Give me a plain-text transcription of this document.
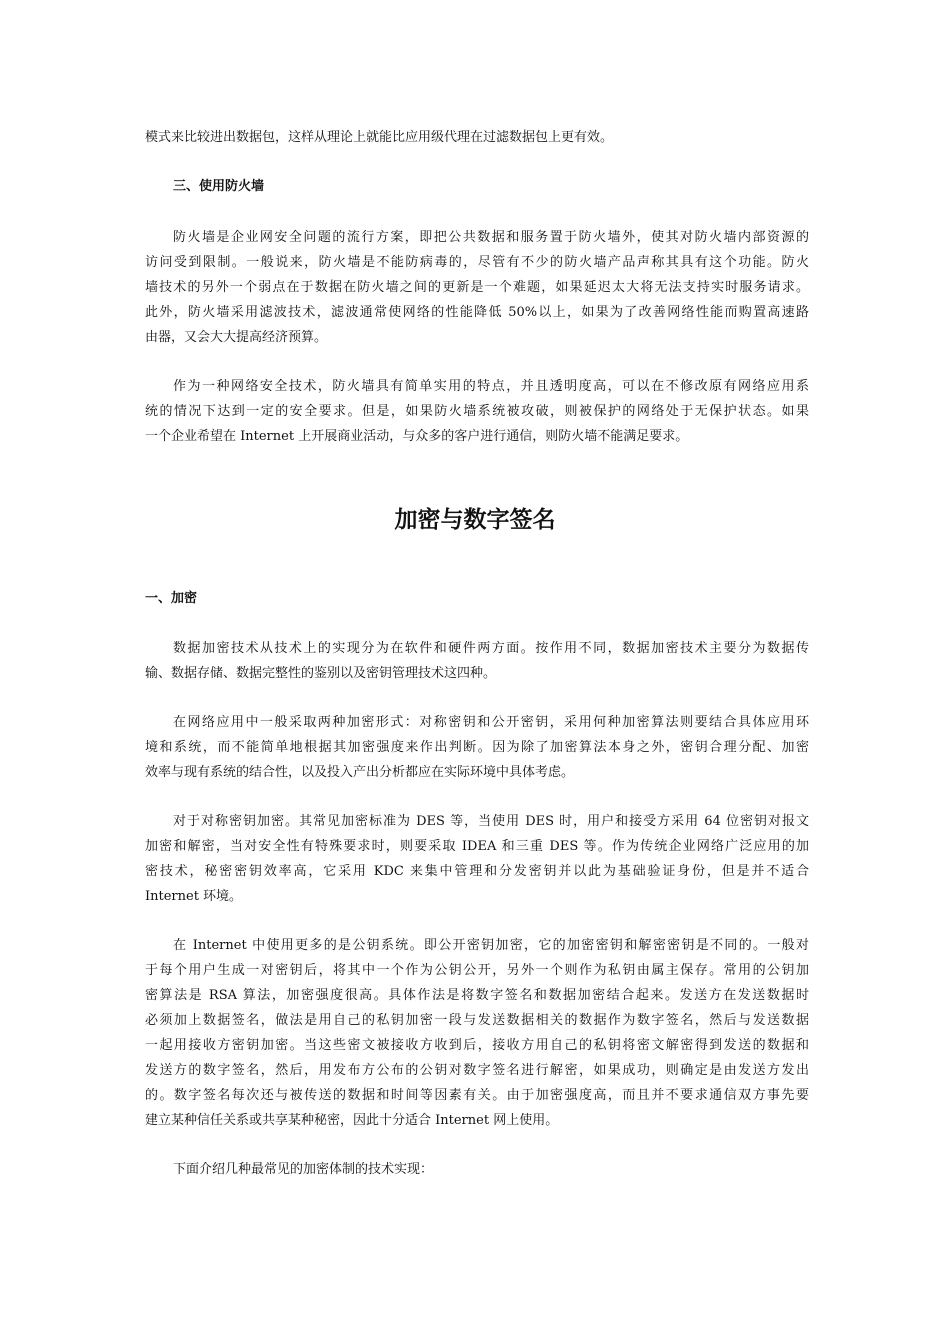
模式来比较进出数据包，这样从理论上就能比应用级代理在过滤数据包上更有效。
三、使用防火墙
防火墙是企业网安全问题的流行方案，即把公共数据和服务置于防火墙外，使其对防火墙内部资源的
访问受到限制。一般说来，防火墙是不能防病毒的，尽管有不少的防火墙产品声称其具有这个功能。防火
墙技术的另外一个弱点在于数据在防火墙之间的更新是一个难题，如果延迟太大将无法支持实时服务请求。
此外，防火墙采用滤波技术，滤波通常使网络的性能降低 50%以上，如果为了改善网络性能而购置高速路
由器，又会大大提高经济预算。
作为一种网络安全技术，防火墙具有简单实用的特点，并且透明度高，可以在不修改原有网络应用系
统的情况下达到一定的安全要求。但是，如果防火墙系统被攻破，则被保护的网络处于无保护状态。如果
一个企业希望在 Internet 上开展商业活动，与众多的客户进行通信，则防火墙不能满足要求。
加密与数字签名
一、加密
数据加密技术从技术上的实现分为在软件和硬件两方面。按作用不同，数据加密技术主要分为数据传
输、数据存储、数据完整性的鉴别以及密钥管理技术这四种。
在网络应用中一般采取两种加密形式：对称密钥和公开密钥，采用何种加密算法则要结合具体应用环
境和系统，而不能简单地根据其加密强度来作出判断。因为除了加密算法本身之外，密钥合理分配、加密
效率与现有系统的结合性，以及投入产出分析都应在实际环境中具体考虑。
对于对称密钥加密。其常见加密标准为 DES 等，当使用 DES 时，用户和接受方采用 64 位密钥对报文
加密和解密，当对安全性有特殊要求时，则要采取 IDEA 和三重 DES 等。作为传统企业网络广泛应用的加
密技术，秘密密钥效率高，它采用 KDC 来集中管理和分发密钥并以此为基础验证身份，但是并不适合
Internet 环境。
在 Internet 中使用更多的是公钥系统。即公开密钥加密，它的加密密钥和解密密钥是不同的。一般对
于每个用户生成一对密钥后，将其中一个作为公钥公开，另外一个则作为私钥由属主保存。常用的公钥加
密算法是 RSA 算法，加密强度很高。具体作法是将数字签名和数据加密结合起来。发送方在发送数据时
必须加上数据签名，做法是用自己的私钥加密一段与发送数据相关的数据作为数字签名，然后与发送数据
一起用接收方密钥加密。当这些密文被接收方收到后，接收方用自己的私钥将密文解密得到发送的数据和
发送方的数字签名，然后，用发布方公布的公钥对数字签名进行解密，如果成功，则确定是由发送方发出
的。数字签名每次还与被传送的数据和时间等因素有关。由于加密强度高，而且并不要求通信双方事先要
建立某种信任关系或共享某种秘密，因此十分适合 Internet 网上使用。
下面介绍几种最常见的加密体制的技术实现：
